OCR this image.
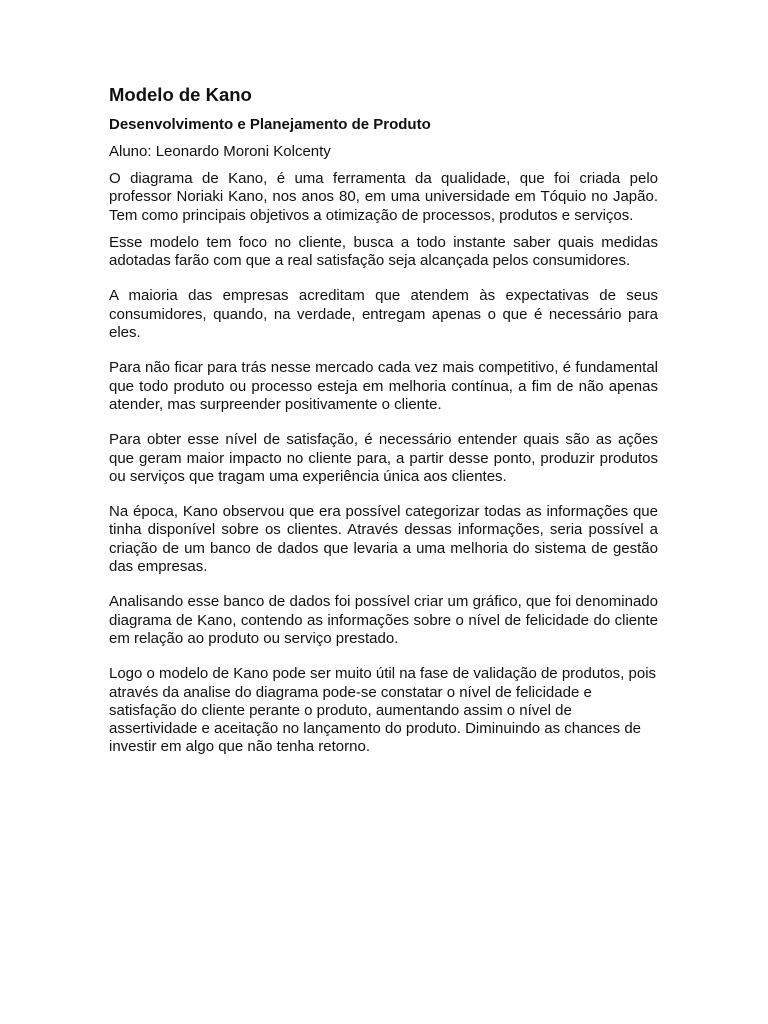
Modelo de Kano
Desenvolvimento e Planejamento de Produto
Aluno: Leonardo Moroni Kolcenty

O diagrama de Kano, é uma ferramenta da qualidade, que foi criada pelo professor Noriaki Kano, nos anos 80, em uma universidade em Tóquio no Japão. Tem como principais objetivos a otimização de processos, produtos e serviços.

Esse modelo tem foco no cliente, busca a todo instante saber quais medidas adotadas farão com que a real satisfação seja alcançada pelos consumidores.

A maioria das empresas acreditam que atendem às expectativas de seus consumidores, quando, na verdade, entregam apenas o que é necessário para eles.

Para não ficar para trás nesse mercado cada vez mais competitivo, é fundamental que todo produto ou processo esteja em melhoria contínua, a fim de não apenas atender, mas surpreender positivamente o cliente.

Para obter esse nível de satisfação, é necessário entender quais são as ações que geram maior impacto no cliente para, a partir desse ponto, produzir produtos ou serviços que tragam uma experiência única aos clientes.

Na época, Kano observou que era possível categorizar todas as informações que tinha disponível sobre os clientes. Através dessas informações, seria possível a criação de um banco de dados que levaria a uma melhoria do sistema de gestão das empresas.

Analisando esse banco de dados foi possível criar um gráfico, que foi denominado diagrama de Kano, contendo as informações sobre o nível de felicidade do cliente em relação ao produto ou serviço prestado.

Logo o modelo de Kano pode ser muito útil na fase de validação de produtos, pois através da analise do diagrama pode-se constatar o nível de felicidade e satisfação do cliente perante o produto, aumentando assim o nível de assertividade e aceitação no lançamento do produto. Diminuindo as chances de investir em algo que não tenha retorno.
